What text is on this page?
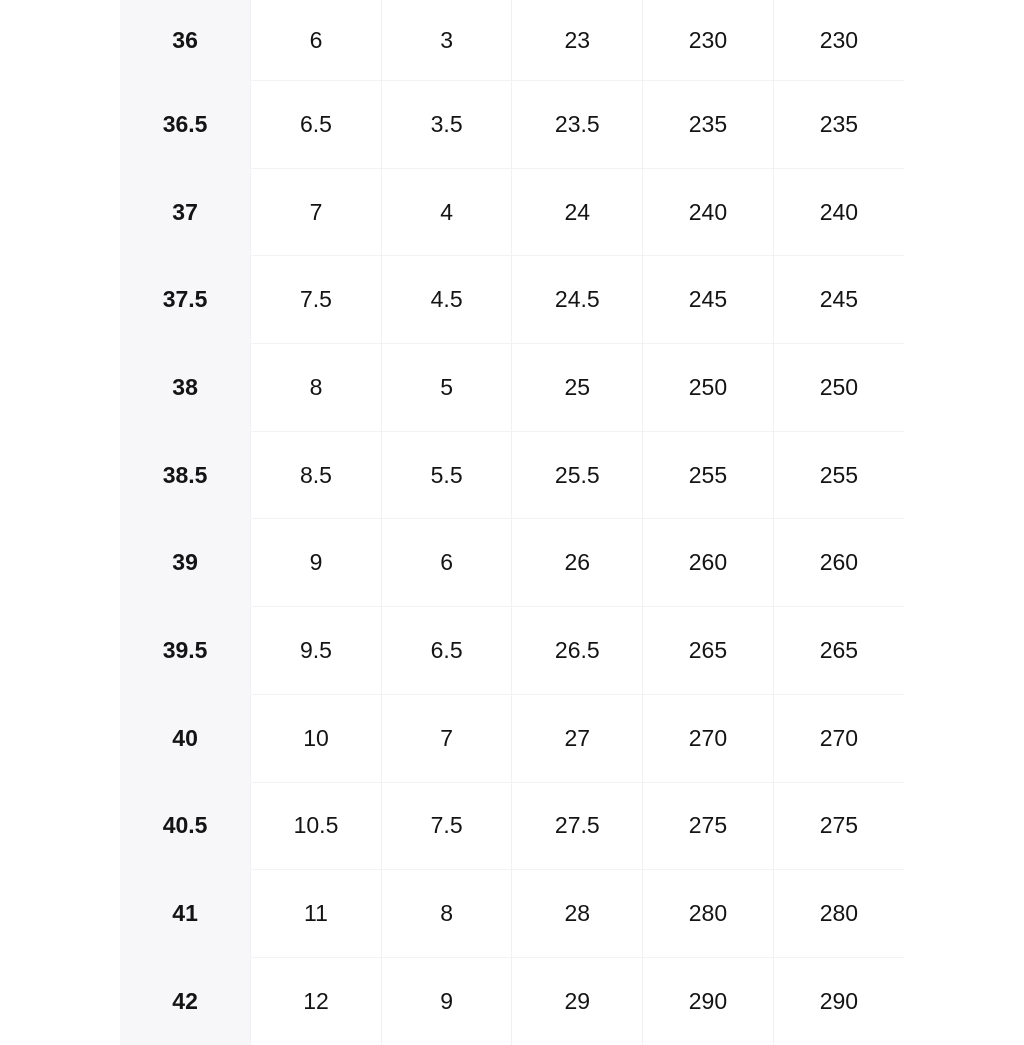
36	6	3	23	230	230
36.5	6.5	3.5	23.5	235	235
37	7	4	24	240	240
37.5	7.5	4.5	24.5	245	245
38	8	5	25	250	250
38.5	8.5	5.5	25.5	255	255
39	9	6	26	260	260
39.5	9.5	6.5	26.5	265	265
40	10	7	27	270	270
40.5	10.5	7.5	27.5	275	275
41	11	8	28	280	280
42	12	9	29	290	290
